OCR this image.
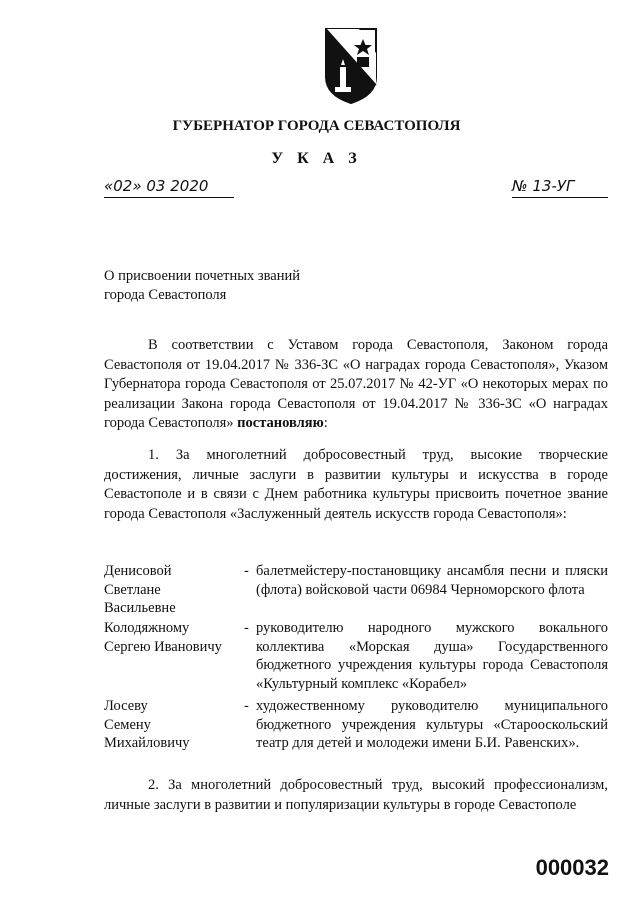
ГУБЕРНАТОР ГОРОДА СЕВАСТОПОЛЯ
У К А З
«02» 03 2020	№ 13-УГ
О присвоении почетных званий
города Севастополя
В соответствии с Уставом города Севастополя, Законом города Севастополя от 19.04.2017 № 336-ЗС «О наградах города Севастополя», Указом Губернатора города Севастополя от 25.07.2017 № 42-УГ «О некоторых мерах по реализации Закона города Севастополя от 19.04.2017 № 336-ЗС «О наградах города Севастополя» постановляю:
1. За многолетний добросовестный труд, высокие творческие достижения, личные заслуги в развитии культуры и искусства в городе Севастополе и в связи с Днем работника культуры присвоить почетное звание города Севастополя «Заслуженный деятель искусств города Севастополя»:
Денисовой
Светлане
Васильевне
- балетмейстеру-постановщику ансамбля песни и пляски (флота) войсковой части 06984 Черноморского флота
Колодяжному
Сергею Ивановичу
- руководителю народного мужского вокального коллектива «Морская душа» Государственного бюджетного учреждения культуры города Севастополя «Культурный комплекс «Корабел»
Лосеву
Семену
Михайловичу
- художественному руководителю муниципального бюджетного учреждения культуры «Старооскольский театр для детей и молодежи имени Б.И. Равенских».
2. За многолетний добросовестный труд, высокий профессионализм, личные заслуги в развитии и популяризации культуры в городе Севастополе
000032
